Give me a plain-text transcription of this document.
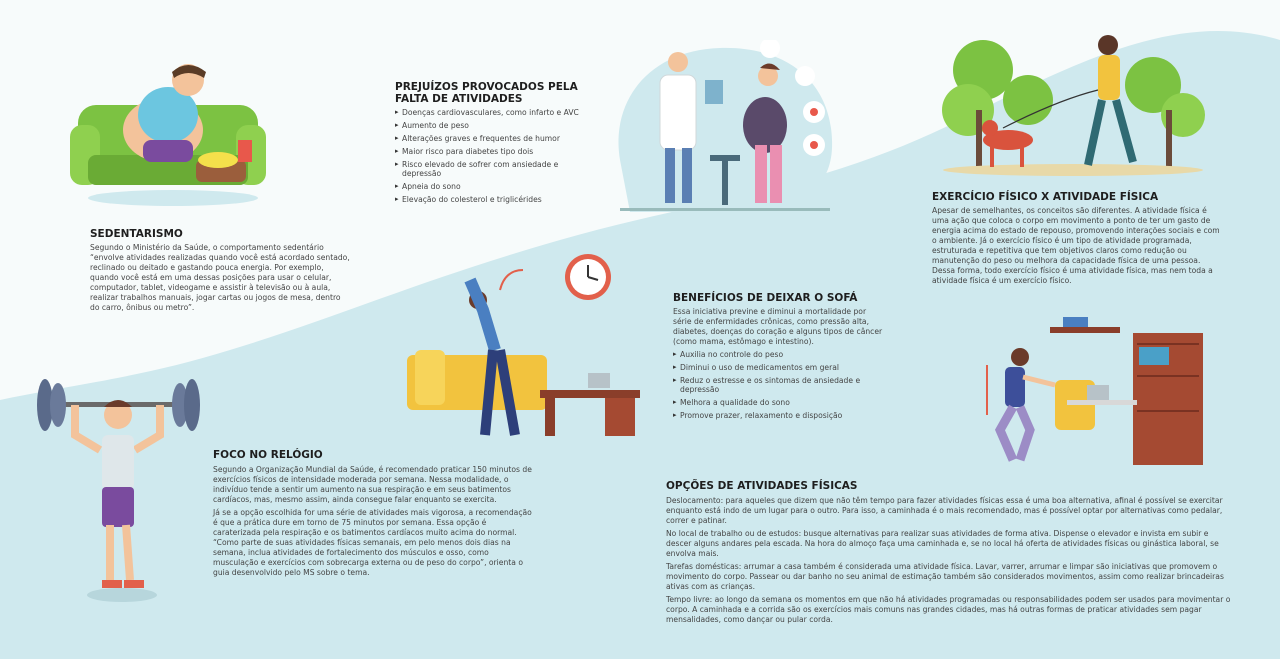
SEDENTARISMO
Segundo o Ministério da Saúde, o comportamento sedentário “envolve atividades realizadas quando você está acordado sentado, reclinado ou deitado e gastando pouca energia. Por exemplo, quando você está em uma dessas posições para usar o celular, computador, tablet, videogame e assistir à televisão ou à aula, realizar trabalhos manuais, jogar cartas ou jogos de mesa, dentro do carro, ônibus ou metro”.
PREJUÍZOS PROVOCADOS PELA FALTA DE ATIVIDADES
▸ Doenças cardiovasculares, como infarto e AVC
▸ Aumento de peso
▸ Alterações graves e frequentes de humor
▸ Maior risco para diabetes tipo dois
▸ Risco elevado de sofrer com ansiedade e depressão
▸ Apneia do sono
▸ Elevação do colesterol e triglicérides	EXERCÍCIO FÍSICO X ATIVIDADE FÍSICA
Apesar de semelhantes, os conceitos são diferentes. A atividade física é uma ação que coloca o corpo em movimento a ponto de ter um gasto de energia acima do estado de repouso, promovendo interações sociais e com o ambiente. Já o exercício físico é um tipo de atividade programada, estruturada e repetitiva que tem objetivos claros como redução ou manutenção do peso ou melhora da capacidade física de uma pessoa. Dessa forma, todo exercício físico é uma atividade física, mas nem toda a atividade física é um exercício físico.
BENEFÍCIOS DE DEIXAR O SOFÁ
Essa iniciativa previne e diminui a mortalidade por série de enfermidades crônicas, como pressão alta, diabetes, doenças do coração e alguns tipos de câncer (como mama, estômago e intestino).
▸ Auxilia no controle do peso
▸ Diminui o uso de medicamentos em geral
▸ Reduz o estresse e os sintomas de ansiedade e depressão
▸ Melhora a qualidade do sono
▸ Promove prazer, relaxamento e disposição
FOCO NO RELÓGIO
Segundo a Organização Mundial da Saúde, é recomendado praticar 150 minutos de exercícios físicos de intensidade moderada por semana. Nessa modalidade, o indivíduo tende a sentir um aumento na sua respiração e em seus batimentos cardíacos, mas, mesmo assim, ainda consegue falar enquanto se exercita.
Já se a opção escolhida for uma série de atividades mais vigorosa, a recomendação é que a prática dure em torno de 75 minutos por semana. Essa opção é caraterizada pela respiração e os batimentos cardíacos muito acima do normal. “Como parte de suas atividades físicas semanais, em pelo menos dois dias na semana, inclua atividades de fortalecimento dos músculos e osso, como musculação e exercícios com sobrecarga externa ou de peso do corpo”, orienta o guia desenvolvido pelo MS sobre o tema.
OPÇÕES DE ATIVIDADES FÍSICAS
Deslocamento: para aqueles que dizem que não têm tempo para fazer atividades físicas essa é uma boa alternativa, afinal é possível se exercitar enquanto está indo de um lugar para o outro. Para isso, a caminhada é o mais recomendado, mas é possível optar por alternativas como pedalar, correr e patinar.
No local de trabalho ou de estudos: busque alternativas para realizar suas atividades de forma ativa. Dispense o elevador e invista em subir e descer alguns andares pela escada. Na hora do almoço faça uma caminhada e, se no local há oferta de atividades físicas ou ginástica laboral, se envolva mais.
Tarefas domésticas: arrumar a casa também é considerada uma atividade física. Lavar, varrer, arrumar e limpar são iniciativas que promovem o movimento do corpo. Passear ou dar banho no seu animal de estimação também são considerados movimentos, assim como realizar brincadeiras ativas com as crianças.
Tempo livre: ao longo da semana os momentos em que não há atividades programadas ou responsabilidades podem ser usados para movimentar o corpo. A caminhada e a corrida são os exercícios mais comuns nas grandes cidades, mas há outras formas de praticar atividades sem pagar mensalidades, como dançar ou pular corda.
